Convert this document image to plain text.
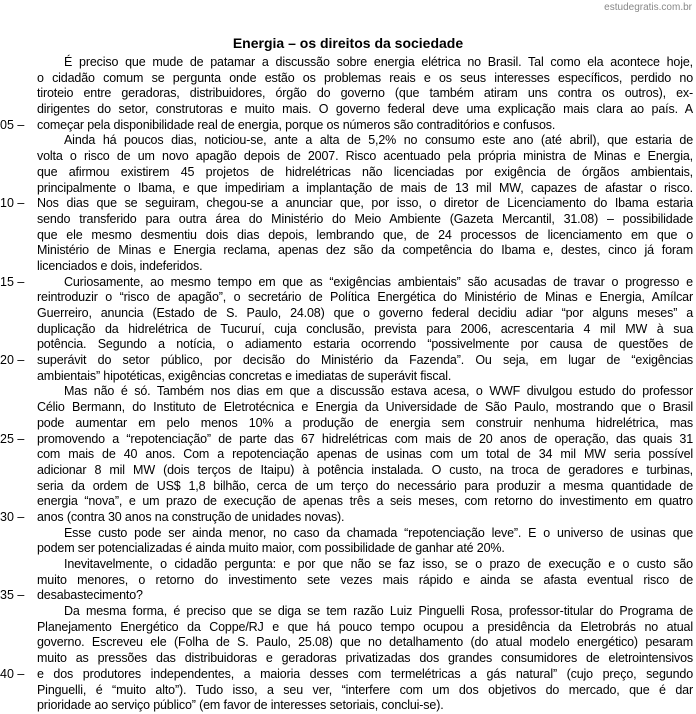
estudegratis.com.br
Energia – os direitos da sociedade

05 –

10 –

15 –

20 –

25 –

30 –

35 –

40 –

É preciso que mude de patamar a discussão sobre energia elétrica no Brasil. Tal como ela acontece hoje,
o cidadão comum se pergunta onde estão os problemas reais e os seus interesses específicos, perdido no
tiroteio entre geradoras, distribuidores, órgão do governo (que também atiram uns contra os outros), ex-
dirigentes do setor, construtoras e muito mais. O governo federal deve uma explicação mais clara ao país. A
começar pela disponibilidade real de energia, porque os números são contraditórios e confusos.
Ainda há poucos dias, noticiou-se, ante a alta de 5,2% no consumo este ano (até abril), que estaria de
volta o risco de um novo apagão depois de 2007. Risco acentuado pela própria ministra de Minas e Energia,
que afirmou existirem 45 projetos de hidrelétricas não licenciadas por exigência de órgãos ambientais,
principalmente o Ibama, e que impediriam a implantação de mais de 13 mil MW, capazes de afastar o risco.
Nos dias que se seguiram, chegou-se a anunciar que, por isso, o diretor de Licenciamento do Ibama estaria
sendo transferido para outra área do Ministério do Meio Ambiente (Gazeta Mercantil, 31.08) – possibilidade
que ele mesmo desmentiu dois dias depois, lembrando que, de 24 processos de licenciamento em que o
Ministério de Minas e Energia reclama, apenas dez são da competência do Ibama e, destes, cinco já foram
licenciados e dois, indeferidos.
Curiosamente, ao mesmo tempo em que as “exigências ambientais” são acusadas de travar o progresso e
reintroduzir o “risco de apagão”, o secretário de Política Energética do Ministério de Minas e Energia, Amílcar
Guerreiro, anuncia (Estado de S. Paulo, 24.08) que o governo federal decidiu adiar “por alguns meses” a
duplicação da hidrelétrica de Tucuruí, cuja conclusão, prevista para 2006, acrescentaria 4 mil MW à sua
potência. Segundo a notícia, o adiamento estaria ocorrendo “possivelmente por causa de questões de
superávit do setor público, por decisão do Ministério da Fazenda”. Ou seja, em lugar de “exigências
ambientais” hipotéticas, exigências concretas e imediatas de superávit fiscal.
Mas não é só. Também nos dias em que a discussão estava acesa, o WWF divulgou estudo do professor
Célio Bermann, do Instituto de Eletrotécnica e Energia da Universidade de São Paulo, mostrando que o Brasil
pode aumentar em pelo menos 10% a produção de energia sem construir nenhuma hidrelétrica, mas
promovendo a “repotenciação” de parte das 67 hidrelétricas com mais de 20 anos de operação, das quais 31
com mais de 40 anos. Com a repotenciação apenas de usinas com um total de 34 mil MW seria possível
adicionar 8 mil MW (dois terços de Itaipu) à potência instalada. O custo, na troca de geradores e turbinas,
seria da ordem de US$ 1,8 bilhão, cerca de um terço do necessário para produzir a mesma quantidade de
energia “nova”, e um prazo de execução de apenas três a seis meses, com retorno do investimento em quatro
anos (contra 30 anos na construção de unidades novas).
Esse custo pode ser ainda menor, no caso da chamada “repotenciação leve”. E o universo de usinas que
podem ser potencializadas é ainda muito maior, com possibilidade de ganhar até 20%.
Inevitavelmente, o cidadão pergunta: e por que não se faz isso, se o prazo de execução e o custo são
muito menores, o retorno do investimento sete vezes mais rápido e ainda se afasta eventual risco de
desabastecimento?
Da mesma forma, é preciso que se diga se tem razão Luiz Pinguelli Rosa, professor-titular do Programa de
Planejamento Energético da Coppe/RJ e que há pouco tempo ocupou a presidência da Eletrobrás no atual
governo. Escreveu ele (Folha de S. Paulo, 25.08) que no detalhamento (do atual modelo energético) pesaram
muito as pressões das distribuidoras e geradoras privatizadas dos grandes consumidores de eletrointensivos
e dos produtores independentes, a maioria desses com termelétricas a gás natural” (cujo preço, segundo
Pinguelli, é “muito alto”). Tudo isso, a seu ver, “interfere com um dos objetivos do mercado, que é dar
prioridade ao serviço público” (em favor de interesses setoriais, conclui-se).
